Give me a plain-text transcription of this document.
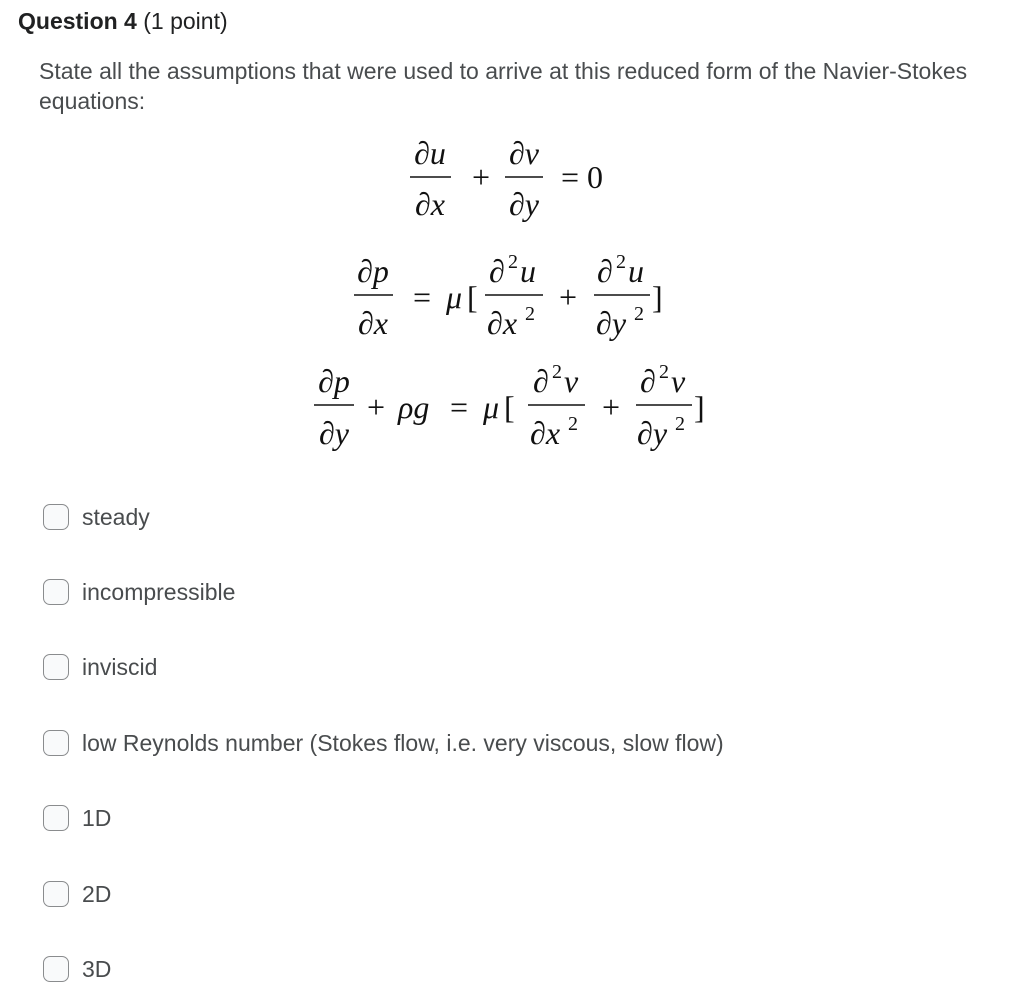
Question 4 (1 point)
State all the assumptions that were used to arrive at this reduced form of the Navier-Stokes equations:
∂u
∂x
+
∂v
∂y
= 0
∂p
∂x
= μ [
∂ 2 u
∂x 2 +
∂ 2 u
∂y 2 ]
∂p
∂y
+ ρg = μ [
∂ 2 v
∂x 2 +
∂ 2 v
∂y 2 ]
steady
incompressible
inviscid
low Reynolds number (Stokes flow, i.e. very viscous, slow flow)
1D
2D
3D
